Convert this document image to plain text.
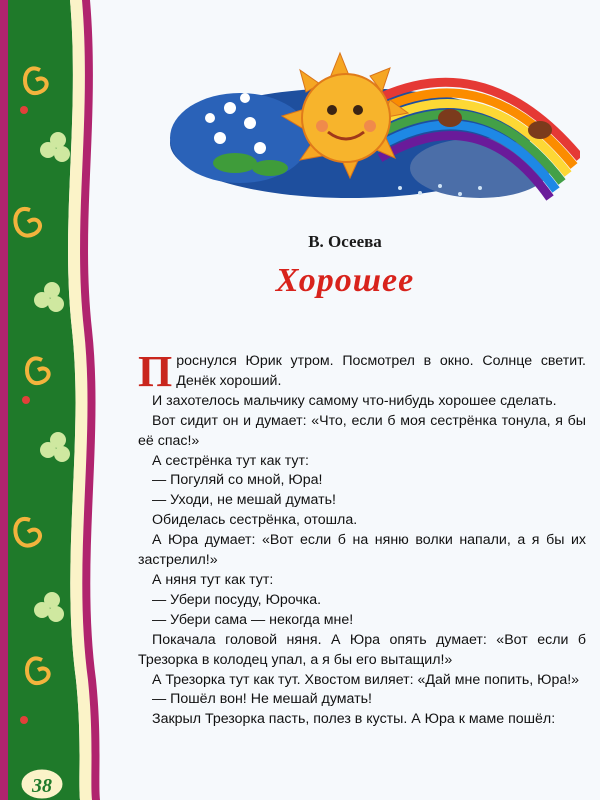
В. Осеева
Хорошее

Проснулся Юрик утром. Посмотрел в окно. Солнце светит. Денёк хороший.

И захотелось мальчику самому что-нибудь хорошее сделать.

Вот сидит он и думает: «Что, если б моя сестрёнка тонула, я бы её спас!»

А сестрёнка тут как тут:

— Погуляй со мной, Юра!

— Уходи, не мешай думать!

Обиделась сестрёнка, отошла.

А Юра думает: «Вот если б на няню волки напали, а я бы их застрелил!»

А няня тут как тут:

— Убери посуду, Юрочка.

— Убери сама — некогда мне!

Покачала головой няня. А Юра опять думает: «Вот если б Трезорка в колодец упал, а я бы его вытащил!»

А Трезорка тут как тут. Хвостом виляет: «Дай мне попить, Юра!»

— Пошёл вон! Не мешай думать!

Закрыл Трезорка пасть, полез в кусты. А Юра к маме пошёл:

38
